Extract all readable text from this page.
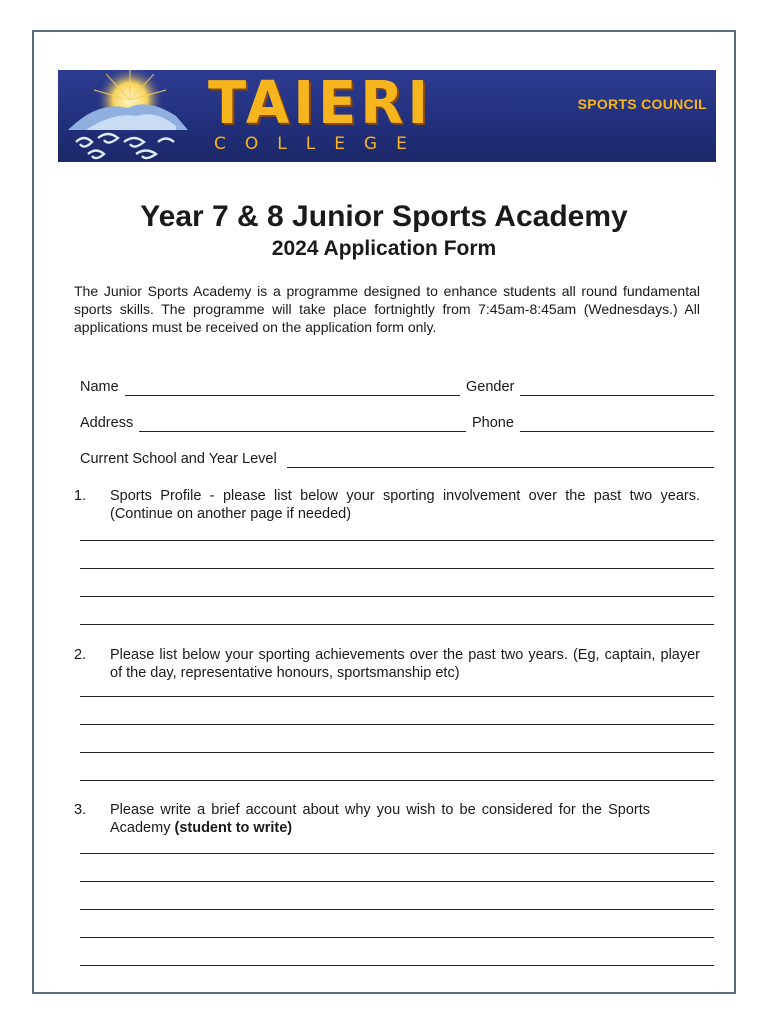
TAIERI
COLLEGE
SPORTS COUNCIL
Year 7 & 8 Junior Sports Academy
2024 Application Form

The Junior Sports Academy is a programme designed to enhance students all round fundamental sports skills. The programme will take place fortnightly from 7:45am-8:45am (Wednesdays.) All applications must be received on the application form only.

Name	Gender
Address	Phone
Current School and Year Level
1. Sports Profile - please list below your sporting involvement over the past two years. (Continue on another page if needed)
2. Please list below your sporting achievements over the past two years. (Eg, captain, player of the day, representative honours, sportsmanship etc)
3. Please write a brief account about why you wish to be considered for the Sports Academy (student to write)
